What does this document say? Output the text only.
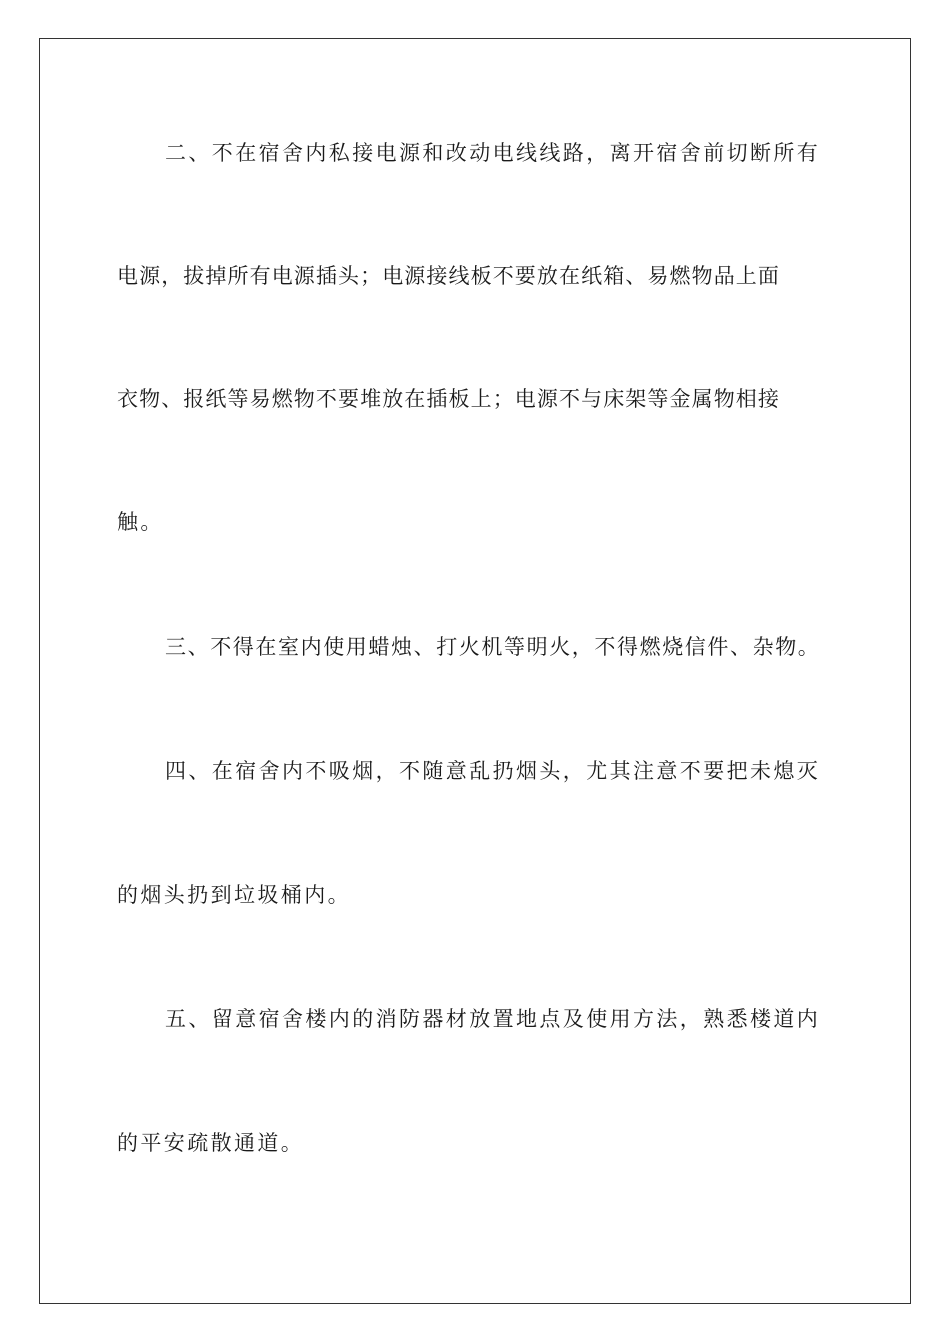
二、不在宿舍内私接电源和改动电线线路，离开宿舍前切断所有
电源，拔掉所有电源插头；电源接线板不要放在纸箱、易燃物品上面
衣物、报纸等易燃物不要堆放在插板上；电源不与床架等金属物相接
触。
三、不得在室内使用蜡烛、打火机等明火，不得燃烧信件、杂物。
四、在宿舍内不吸烟，不随意乱扔烟头，尤其注意不要把未熄灭
的烟头扔到垃圾桶内。
五、留意宿舍楼内的消防器材放置地点及使用方法，熟悉楼道内
的平安疏散通道。
